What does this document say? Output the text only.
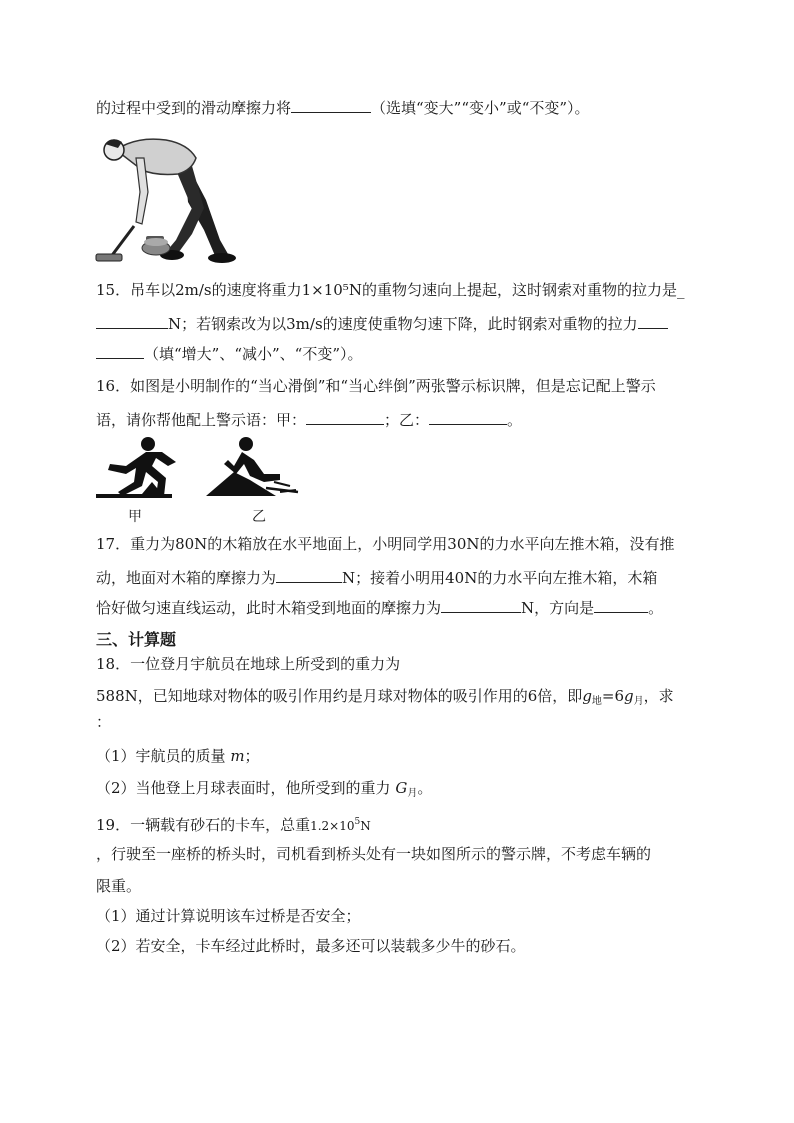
的过程中受到的滑动摩擦力将	（选填“变大”“变小”或“不变”）。
15．吊车以2m/s的速度将重力1×10⁵N的重物匀速向上提起，这时钢索对重物的拉力是_
N；若钢索改为以3m/s的速度使重物匀速下降，此时钢索对重物的拉力
（填“增大”、“减小”、“不变”）。
16．如图是小明制作的“当心滑倒”和“当心绊倒”两张警示标识牌，但是忘记配上警示
语，请你帮他配上警示语：甲：	；乙：	。
甲	乙
17．重力为80N的木箱放在水平地面上，小明同学用30N的力水平向左推木箱，没有推
动，地面对木箱的摩擦力为	N；接着小明用40N的力水平向左推木箱，木箱
恰好做匀速直线运动，此时木箱受到地面的摩擦力为	N，方向是	。
三、计算题
18．一位登月宇航员在地球上所受到的重力为
588N，已知地球对物体的吸引作用约是月球对物体的吸引作用的6倍，即$g_地=6g_月$，求
：
（1）宇航员的质量 m；
（2）当他登上月球表面时，他所受到的重力 $G_月$。
19．一辆载有砂石的卡车，总重$1.2\times 10^5N$
，行驶至一座桥的桥头时，司机看到桥头处有一块如图所示的警示牌，不考虑车辆的
限重。
（1）通过计算说明该车过桥是否安全；
（2）若安全，卡车经过此桥时，最多还可以装载多少牛的砂石。
